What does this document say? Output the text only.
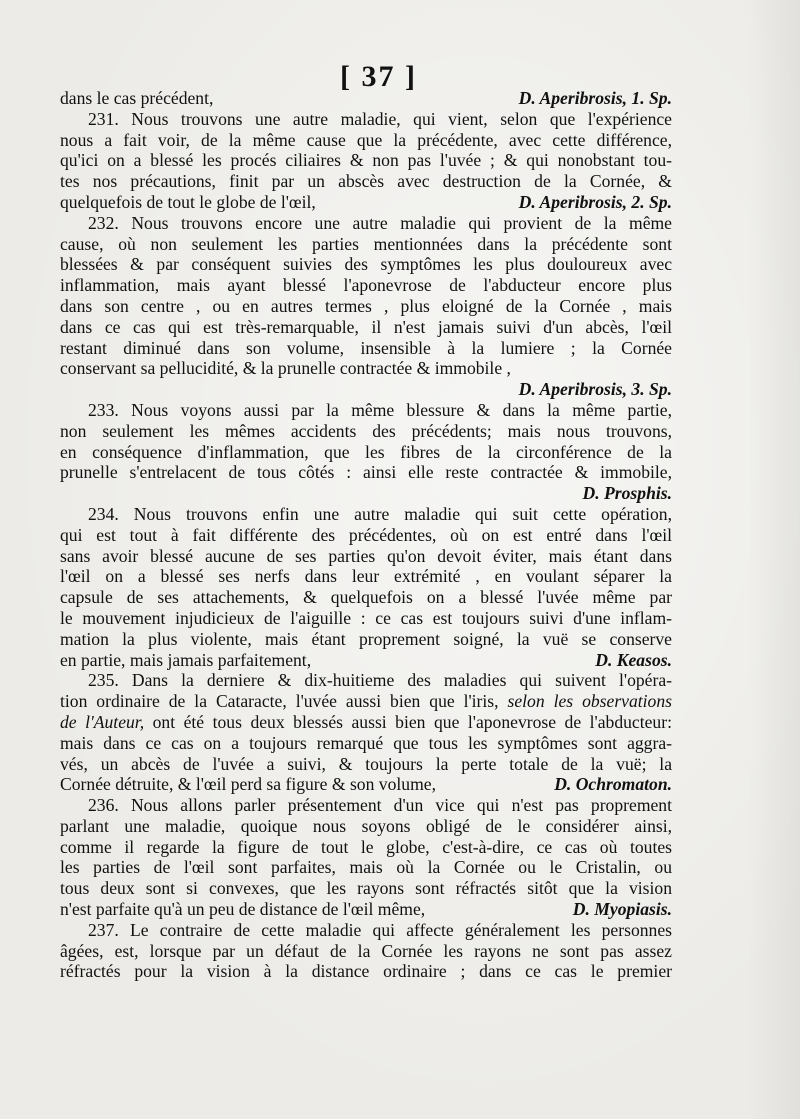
[ 37 ]
dans le cas précédent,	D. Aperibrosis, 1. Sp.
231. Nous trouvons une autre maladie, qui vient, selon que l'expérience
nous a fait voir, de la même cause que la précédente, avec cette différence,
qu'ici on a blessé les procés ciliaires & non pas l'uvée ; & qui nonobstant tou-
tes nos précautions, finit par un abscès avec destruction de la Cornée, &
quelquefois de tout le globe de l'œil,	D. Aperibrosis, 2. Sp.
232. Nous trouvons encore une autre maladie qui provient de la même
cause, où non seulement les parties mentionnées dans la précédente sont
blessées & par conséquent suivies des symptômes les plus douloureux avec
inflammation, mais ayant blessé l'aponevrose de l'abducteur encore plus
dans son centre , ou en autres termes , plus eloigné de la Cornée , mais
dans ce cas qui est très-remarquable, il n'est jamais suivi d'un abcès, l'œil
restant diminué dans son volume, insensible à la lumiere ; la Cornée
conservant sa pellucidité, & la prunelle contractée & immobile ,
D. Aperibrosis, 3. Sp.
233. Nous voyons aussi par la même blessure & dans la même partie,
non seulement les mêmes accidents des précédents; mais nous trouvons,
en conséquence d'inflammation, que les fibres de la circonférence de la
prunelle s'entrelacent de tous côtés : ainsi elle reste contractée & immobile,
D. Prosphis.
234. Nous trouvons enfin une autre maladie qui suit cette opération,
qui est tout à fait différente des précédentes, où on est entré dans l'œil
sans avoir blessé aucune de ses parties qu'on devoit éviter, mais étant dans
l'œil on a blessé ses nerfs dans leur extrémité , en voulant séparer la
capsule de ses attachements, & quelquefois on a blessé l'uvée même par
le mouvement injudicieux de l'aiguille : ce cas est toujours suivi d'une inflam-
mation la plus violente, mais étant proprement soigné, la vuë se conserve
en partie, mais jamais parfaitement,	D. Keasos.
235. Dans la derniere & dix-huitieme des maladies qui suivent l'opéra-
tion ordinaire de la Cataracte, l'uvée aussi bien que l'iris, selon les observations
de l'Auteur, ont été tous deux blessés aussi bien que l'aponevrose de l'abducteur:
mais dans ce cas on a toujours remarqué que tous les symptômes sont aggra-
vés, un abcès de l'uvée a suivi, & toujours la perte totale de la vuë; la
Cornée détruite, & l'œil perd sa figure & son volume,	D. Ochromaton.
236. Nous allons parler présentement d'un vice qui n'est pas proprement
parlant une maladie, quoique nous soyons obligé de le considérer ainsi,
comme il regarde la figure de tout le globe, c'est-à-dire, ce cas où toutes
les parties de l'œil sont parfaites, mais où la Cornée ou le Cristalin, ou
tous deux sont si convexes, que les rayons sont réfractés sitôt que la vision
n'est parfaite qu'à un peu de distance de l'œil même,	D. Myopiasis.
237. Le contraire de cette maladie qui affecte généralement les personnes
âgées, est, lorsque par un défaut de la Cornée les rayons ne sont pas assez
réfractés pour la vision à la distance ordinaire ; dans ce cas le premier
